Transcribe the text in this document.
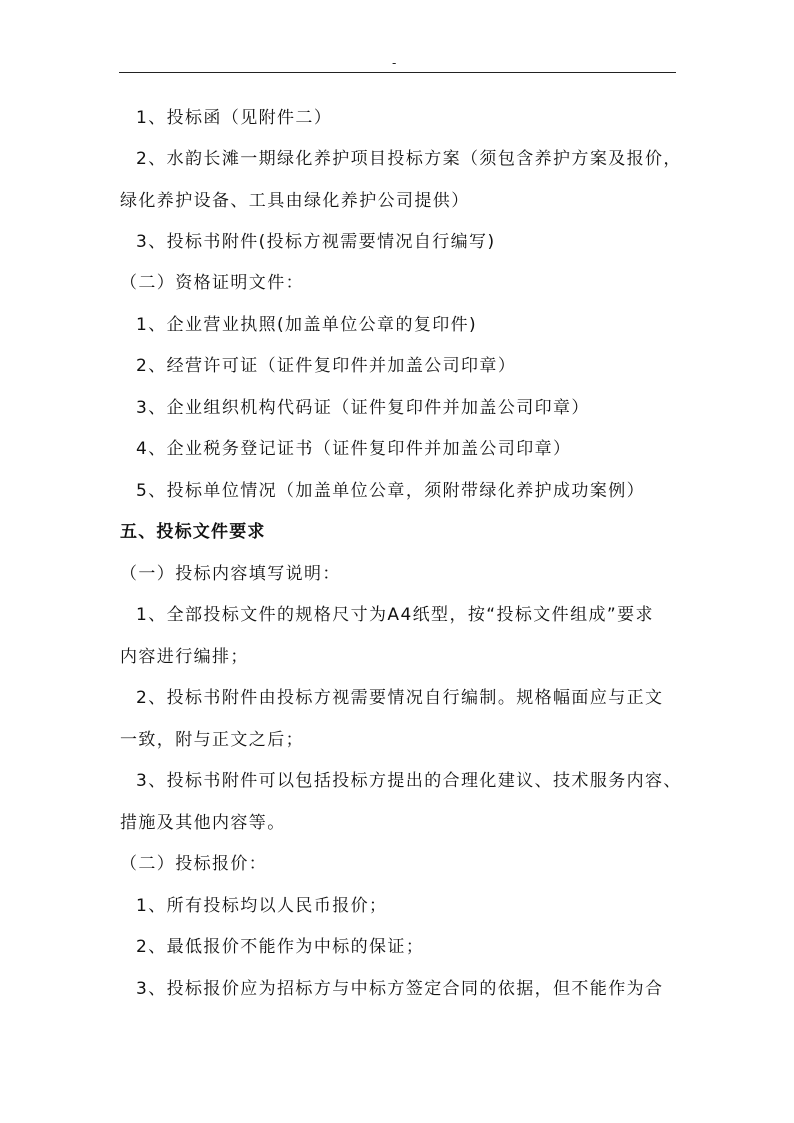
-
1、投标函（见附件二）
2、水韵长滩一期绿化养护项目投标方案（须包含养护方案及报价，
绿化养护设备、工具由绿化养护公司提供）
3、投标书附件(投标方视需要情况自行编写)
（二）资格证明文件：
1、企业营业执照(加盖单位公章的复印件)
2、经营许可证（证件复印件并加盖公司印章）
3、企业组织机构代码证（证件复印件并加盖公司印章）
4、企业税务登记证书（证件复印件并加盖公司印章）
5、投标单位情况（加盖单位公章，须附带绿化养护成功案例）
五、投标文件要求
（一）投标内容填写说明：
1、全部投标文件的规格尺寸为A4纸型，按“投标文件组成”要求
内容进行编排；
2、投标书附件由投标方视需要情况自行编制。规格幅面应与正文
一致，附与正文之后；
3、投标书附件可以包括投标方提出的合理化建议、技术服务内容、
措施及其他内容等。
（二）投标报价：
1、所有投标均以人民币报价；
2、最低报价不能作为中标的保证；
3、投标报价应为招标方与中标方签定合同的依据，但不能作为合
